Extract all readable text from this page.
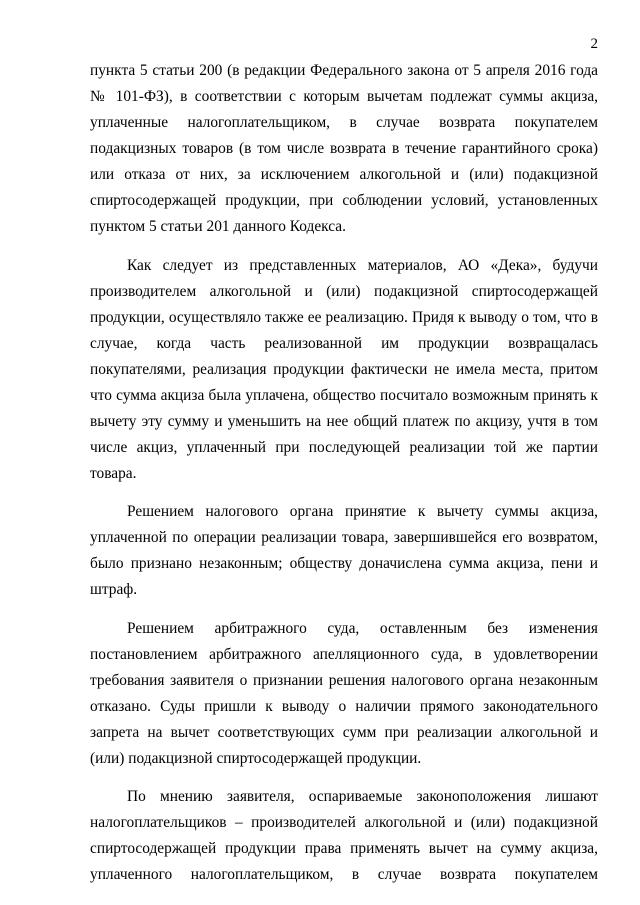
2

пункта 5 статьи 200 (в редакции Федерального закона от 5 апреля 2016 года № 101-ФЗ), в соответствии с которым вычетам подлежат суммы акциза, уплаченные налогоплательщиком, в случае возврата покупателем подакцизных товаров (в том числе возврата в течение гарантийного срока) или отказа от них, за исключением алкогольной и (или) подакцизной спиртосодержащей продукции, при соблюдении условий, установленных пунктом 5 статьи 201 данного Кодекса.

Как следует из представленных материалов, АО «Дека», будучи производителем алкогольной и (или) подакцизной спиртосодержащей продукции, осуществляло также ее реализацию. Придя к выводу о том, что в случае, когда часть реализованной им продукции возвращалась покупателями, реализация продукции фактически не имела места, притом что сумма акциза была уплачена, общество посчитало возможным принять к вычету эту сумму и уменьшить на нее общий платеж по акцизу, учтя в том числе акциз, уплаченный при последующей реализации той же партии товара.

Решением налогового органа принятие к вычету суммы акциза, уплаченной по операции реализации товара, завершившейся его возвратом, было признано незаконным; обществу доначислена сумма акциза, пени и штраф.

Решением арбитражного суда, оставленным без изменения постановлением арбитражного апелляционного суда, в удовлетворении требования заявителя о признании решения налогового органа незаконным отказано. Суды пришли к выводу о наличии прямого законодательного запрета на вычет соответствующих сумм при реализации алкогольной и (или) подакцизной спиртосодержащей продукции.

По мнению заявителя, оспариваемые законоположения лишают налогоплательщиков – производителей алкогольной и (или) подакцизной спиртосодержащей продукции права применять вычет на сумму акциза, уплаченного налогоплательщиком, в случае возврата покупателем
